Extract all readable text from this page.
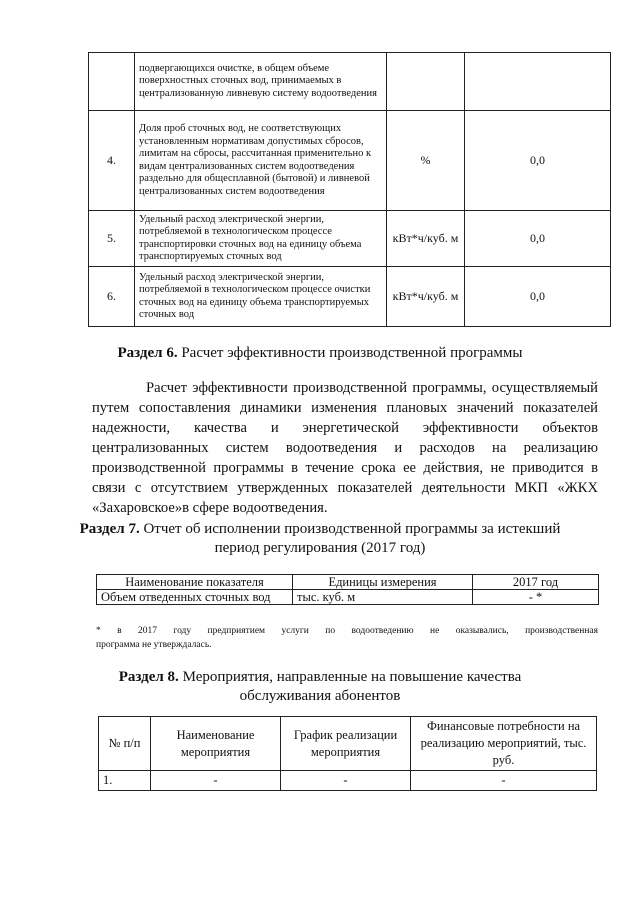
	подвергающихся очистке, в общем объеме поверхностных сточных вод, принимаемых в централизованную ливневую систему водоотведения		
4.	Доля проб сточных вод, не соответствующих установленным нормативам допустимых сбросов, лимитам на сбросы, рассчитанная применительно к видам централизованных систем водоотведения раздельно для общесплавной (бытовой) и ливневой централизованных систем водоотведения	%	0,0
5.	Удельный расход электрической энергии, потребляемой в технологическом процессе транспортировки сточных вод на единицу объема транспортируемых сточных вод	кВт*ч/куб. м	0,0
6.	Удельный расход электрической энергии, потребляемой в технологическом процессе очистки сточных вод на единицу объема транспортируемых сточных вод	кВт*ч/куб. м	0,0
Раздел 6. Расчет эффективности производственной программы
Расчет эффективности производственной программы, осуществляемый
путем сопоставления динамики изменения плановых значений показателей
надежности, качества и энергетической эффективности объектов
централизованных систем водоотведения и расходов на реализацию
производственной программы в течение срока ее действия, не приводится в
связи с отсутствием утвержденных показателей деятельности МКП «ЖКХ
«Захаровское»в сфере водоотведения.
Раздел 7. Отчет об исполнении производственной программы за истекший
период регулирования (2017 год)
Наименование показателя	Единицы измерения	2017 год
Объем отведенных сточных вод	тыс. куб. м	- *
* в 2017 году предприятием услуги по водоотведению не оказывались, производственная
программа не утверждалась.
Раздел 8. Мероприятия, направленные на повышение качества
обслуживания абонентов
№ п/п	Наименование мероприятия	График реализации мероприятия	Финансовые потребности на реализацию мероприятий, тыс. руб.
1.	-	-	-
